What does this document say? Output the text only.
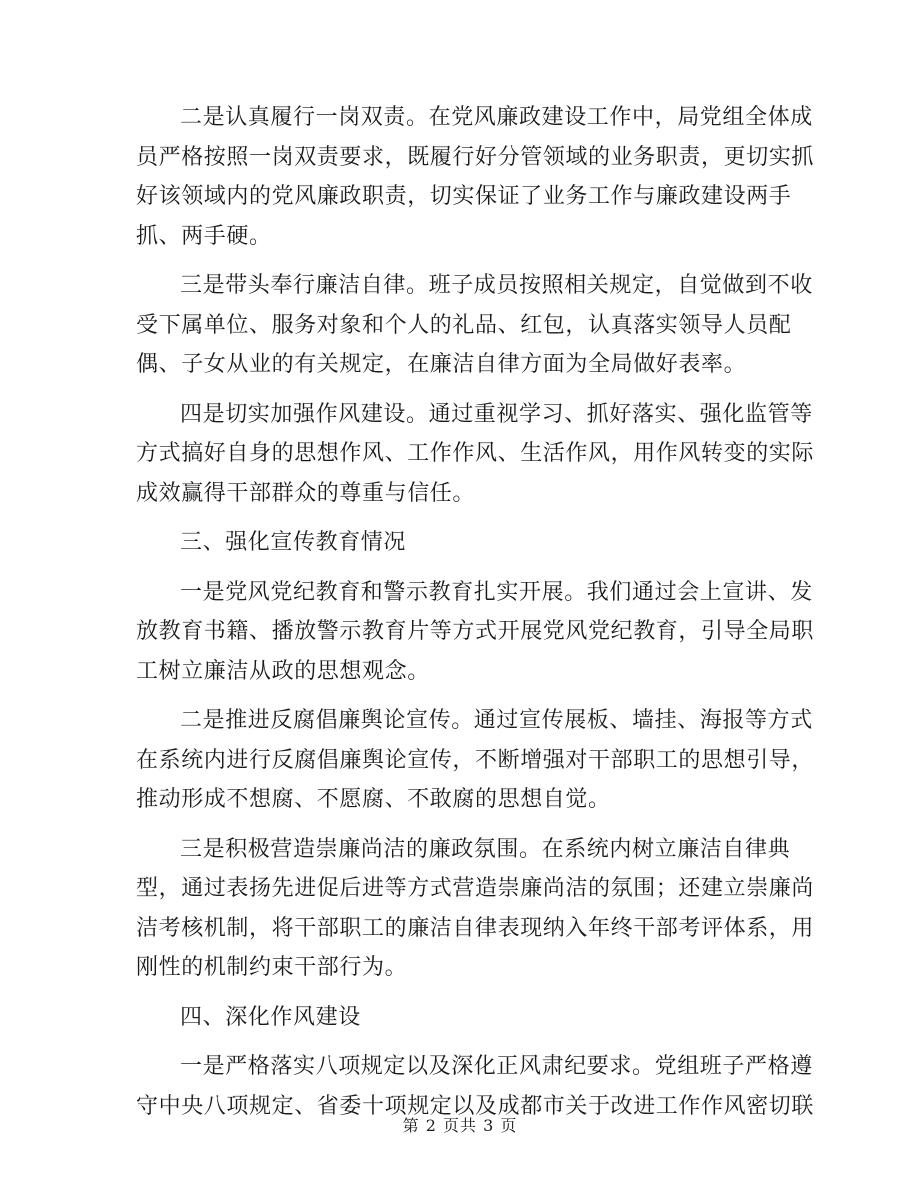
二是认真履行一岗双责。在党风廉政建设工作中，局党组全体成
员严格按照一岗双责要求，既履行好分管领域的业务职责，更切实抓
好该领域内的党风廉政职责，切实保证了业务工作与廉政建设两手
抓、两手硬。

三是带头奉行廉洁自律。班子成员按照相关规定，自觉做到不收
受下属单位、服务对象和个人的礼品、红包，认真落实领导人员配
偶、子女从业的有关规定，在廉洁自律方面为全局做好表率。

四是切实加强作风建设。通过重视学习、抓好落实、强化监管等
方式搞好自身的思想作风、工作作风、生活作风，用作风转变的实际
成效赢得干部群众的尊重与信任。

三、强化宣传教育情况

一是党风党纪教育和警示教育扎实开展。我们通过会上宣讲、发
放教育书籍、播放警示教育片等方式开展党风党纪教育，引导全局职
工树立廉洁从政的思想观念。

二是推进反腐倡廉舆论宣传。通过宣传展板、墙挂、海报等方式
在系统内进行反腐倡廉舆论宣传，不断增强对干部职工的思想引导，
推动形成不想腐、不愿腐、不敢腐的思想自觉。

三是积极营造崇廉尚洁的廉政氛围。在系统内树立廉洁自律典
型，通过表扬先进促后进等方式营造崇廉尚洁的氛围；还建立崇廉尚
洁考核机制，将干部职工的廉洁自律表现纳入年终干部考评体系，用
刚性的机制约束干部行为。

四、深化作风建设

一是严格落实八项规定以及深化正风肃纪要求。党组班子严格遵
守中央八项规定、省委十项规定以及成都市关于改进工作作风密切联

第 2 页共 3 页
